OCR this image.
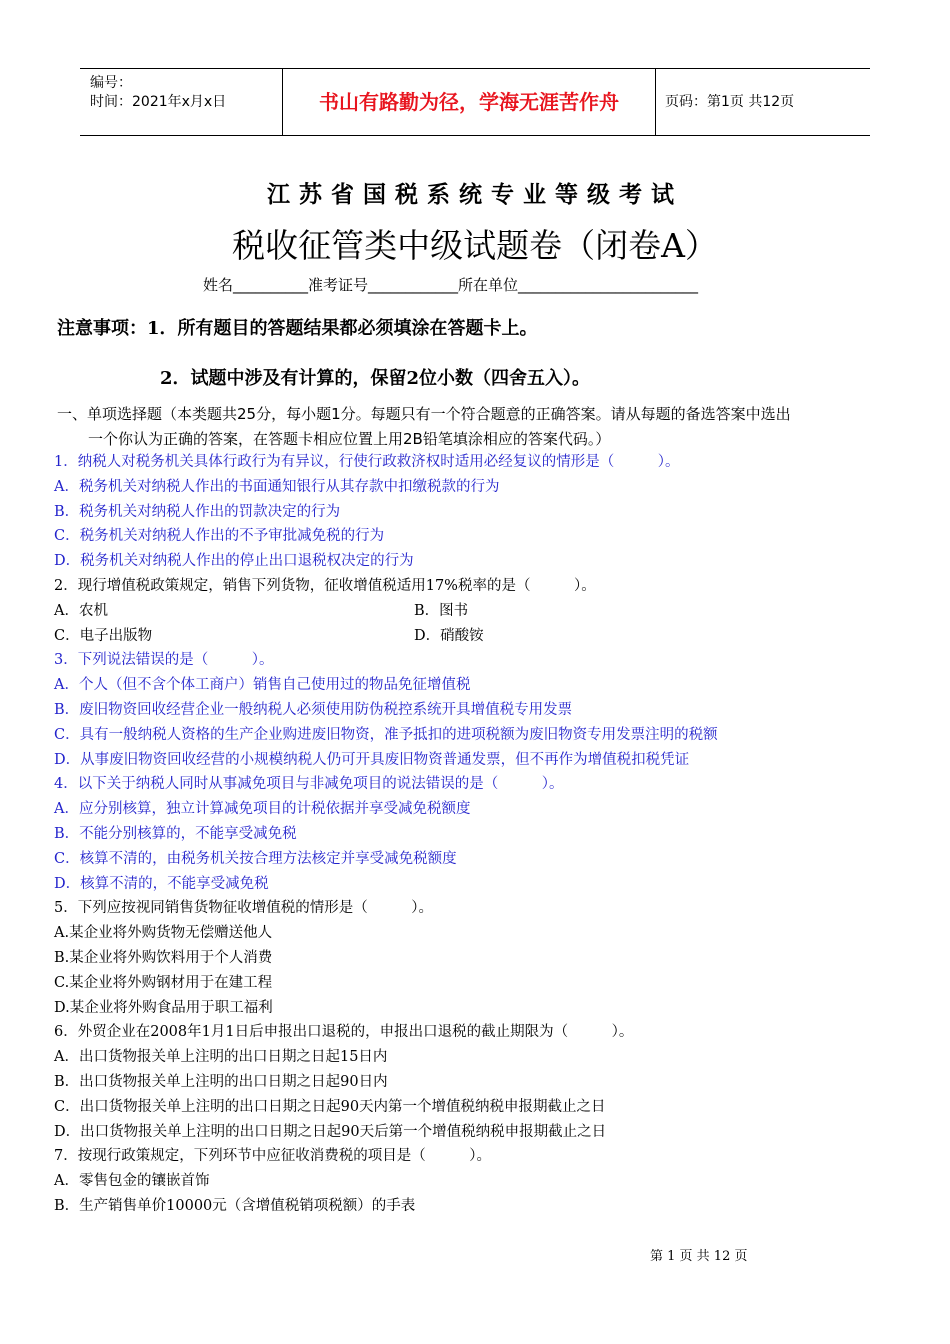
编号：
时间：2021年x月x日	书山有路勤为径，学海无涯苦作舟	页码：第1页 共12页
江苏省国税系统专业等级考试
税收征管类中级试题卷（闭卷A）
姓名__________准考证号____________所在单位________________________
注意事项：1．所有题目的答题结果都必须填涂在答题卡上。
2．试题中涉及有计算的，保留2位小数（四舍五入）。
一、单项选择题（本类题共25分，每小题1分。每题只有一个符合题意的正确答案。请从每题的备选答案中选出
一个你认为正确的答案，在答题卡相应位置上用2B铅笔填涂相应的答案代码。）
1．纳税人对税务机关具体行政行为有异议，行使行政救济权时适用必经复议的情形是（　　　）。
A．税务机关对纳税人作出的书面通知银行从其存款中扣缴税款的行为
B．税务机关对纳税人作出的罚款决定的行为
C．税务机关对纳税人作出的不予审批减免税的行为
D．税务机关对纳税人作出的停止出口退税权决定的行为
2．现行增值税政策规定，销售下列货物，征收增值税适用17%税率的是（　　　）。
A．农机	B．图书
C．电子出版物	D．硝酸铵
3．下列说法错误的是（　　　）。
A．个人（但不含个体工商户）销售自己使用过的物品免征增值税
B．废旧物资回收经营企业一般纳税人必须使用防伪税控系统开具增值税专用发票
C．具有一般纳税人资格的生产企业购进废旧物资，准予抵扣的进项税额为废旧物资专用发票注明的税额
D．从事废旧物资回收经营的小规模纳税人仍可开具废旧物资普通发票，但不再作为增值税扣税凭证
4．以下关于纳税人同时从事减免项目与非减免项目的说法错误的是（　　　）。
A．应分别核算，独立计算减免项目的计税依据并享受减免税额度
B．不能分别核算的，不能享受减免税
C．核算不清的，由税务机关按合理方法核定并享受减免税额度
D．核算不清的，不能享受减免税
5．下列应按视同销售货物征收增值税的情形是（　　　）。
A.某企业将外购货物无偿赠送他人
B.某企业将外购饮料用于个人消费
C.某企业将外购钢材用于在建工程
D.某企业将外购食品用于职工福利
6．外贸企业在2008年1月1日后申报出口退税的，申报出口退税的截止期限为（　　　）。
A．出口货物报关单上注明的出口日期之日起15日内
B．出口货物报关单上注明的出口日期之日起90日内
C．出口货物报关单上注明的出口日期之日起90天内第一个增值税纳税申报期截止之日
D．出口货物报关单上注明的出口日期之日起90天后第一个增值税纳税申报期截止之日
7．按现行政策规定，下列环节中应征收消费税的项目是（　　　）。
A．零售包金的镶嵌首饰
B．生产销售单价10000元（含增值税销项税额）的手表
第 1 页 共 12 页
